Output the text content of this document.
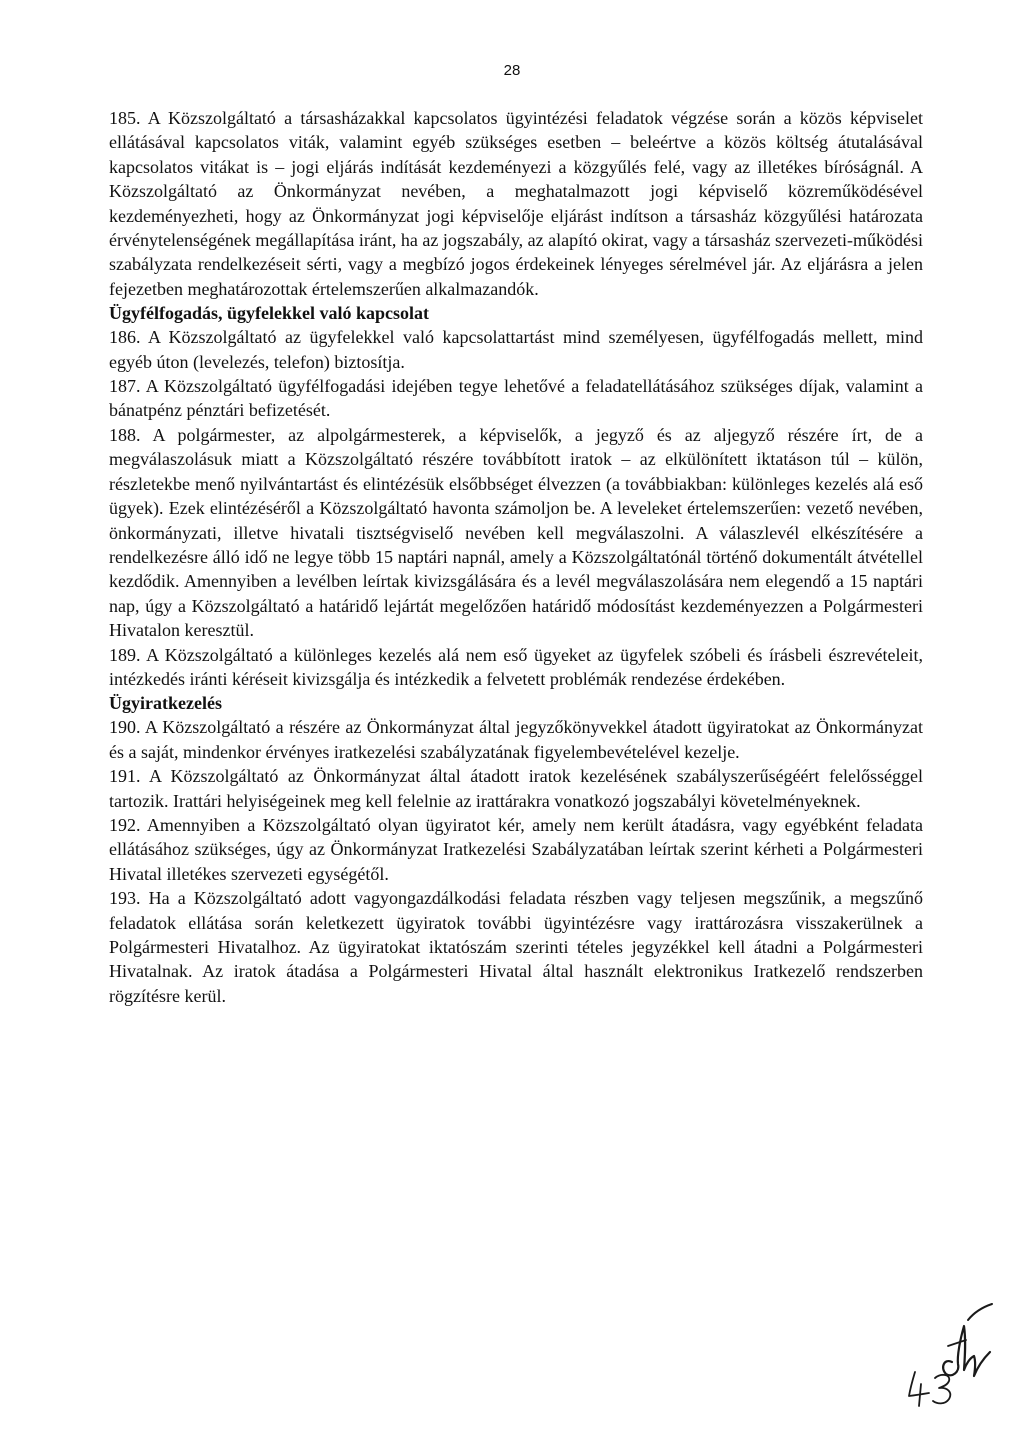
28

185. A Közszolgáltató a társasházakkal kapcsolatos ügyintézési feladatok végzése során a közös képviselet ellátásával kapcsolatos viták, valamint egyéb szükséges esetben – beleértve a közös költség átutalásával kapcsolatos vitákat is – jogi eljárás indítását kezdeményezi a közgyűlés felé, vagy az illetékes bíróságnál. A Közszolgáltató az Önkormányzat nevében, a meghatalmazott jogi képviselő közreműködésével kezdeményezheti, hogy az Önkormányzat jogi képviselője eljárást indítson a társasház közgyűlési határozata érvénytelenségének megállapítása iránt, ha az jogszabály, az alapító okirat, vagy a társasház szervezeti-működési szabályzata rendelkezéseit sérti, vagy a megbízó jogos érdekeinek lényeges sérelmével jár. Az eljárásra a jelen fejezetben meghatározottak értelemszerűen alkalmazandók.

Ügyfélfogadás, ügyfelekkel való kapcsolat

186. A Közszolgáltató az ügyfelekkel való kapcsolattartást mind személyesen, ügyfélfogadás mellett, mind egyéb úton (levelezés, telefon) biztosítja.

187. A Közszolgáltató ügyfélfogadási idejében tegye lehetővé a feladatellátásához szükséges díjak, valamint a bánatpénz pénztári befizetését.

188. A polgármester, az alpolgármesterek, a képviselők, a jegyző és az aljegyző részére írt, de a megválaszolásuk miatt a Közszolgáltató részére továbbított iratok – az elkülönített iktatáson túl – külön, részletekbe menő nyilvántartást és elintézésük elsőbbséget élvezzen (a továbbiakban: különleges kezelés alá eső ügyek). Ezek elintézéséről a Közszolgáltató havonta számoljon be. A leveleket értelemszerűen: vezető nevében, önkormányzati, illetve hivatali tisztségviselő nevében kell megválaszolni. A válaszlevél elkészítésére a rendelkezésre álló idő ne legye több 15 naptári napnál, amely a Közszolgáltatónál történő dokumentált átvétellel kezdődik. Amennyiben a levélben leírtak kivizsgálására és a levél megválaszolására nem elegendő a 15 naptári nap, úgy a Közszolgáltató a határidő lejártát megelőzően határidő módosítást kezdeményezzen a Polgármesteri Hivatalon keresztül.

189. A Közszolgáltató a különleges kezelés alá nem eső ügyeket az ügyfelek szóbeli és írásbeli észrevételeit, intézkedés iránti kéréseit kivizsgálja és intézkedik a felvetett problémák rendezése érdekében.

Ügyiratkezelés

190. A Közszolgáltató a részére az Önkormányzat által jegyzőkönyvekkel átadott ügyiratokat az Önkormányzat és a saját, mindenkor érvényes iratkezelési szabályzatának figyelembevételével kezelje.

191. A Közszolgáltató az Önkormányzat által átadott iratok kezelésének szabályszerűségéért felelősséggel tartozik. Irattári helyiségeinek meg kell felelnie az irattárakra vonatkozó jogszabályi követelményeknek.

192. Amennyiben a Közszolgáltató olyan ügyiratot kér, amely nem került átadásra, vagy egyébként feladata ellátásához szükséges, úgy az Önkormányzat Iratkezelési Szabályzatában leírtak szerint kérheti a Polgármesteri Hivatal illetékes szervezeti egységétől.

193. Ha a Közszolgáltató adott vagyongazdálkodási feladata részben vagy teljesen megszűnik, a megszűnő feladatok ellátása során keletkezett ügyiratok további ügyintézésre vagy irattározásra visszakerülnek a Polgármesteri Hivatalhoz. Az ügyiratokat iktatószám szerinti tételes jegyzékkel kell átadni a Polgármesteri Hivatalnak. Az iratok átadása a Polgármesteri Hivatal által használt elektronikus Iratkezelő rendszerben rögzítésre kerül.
